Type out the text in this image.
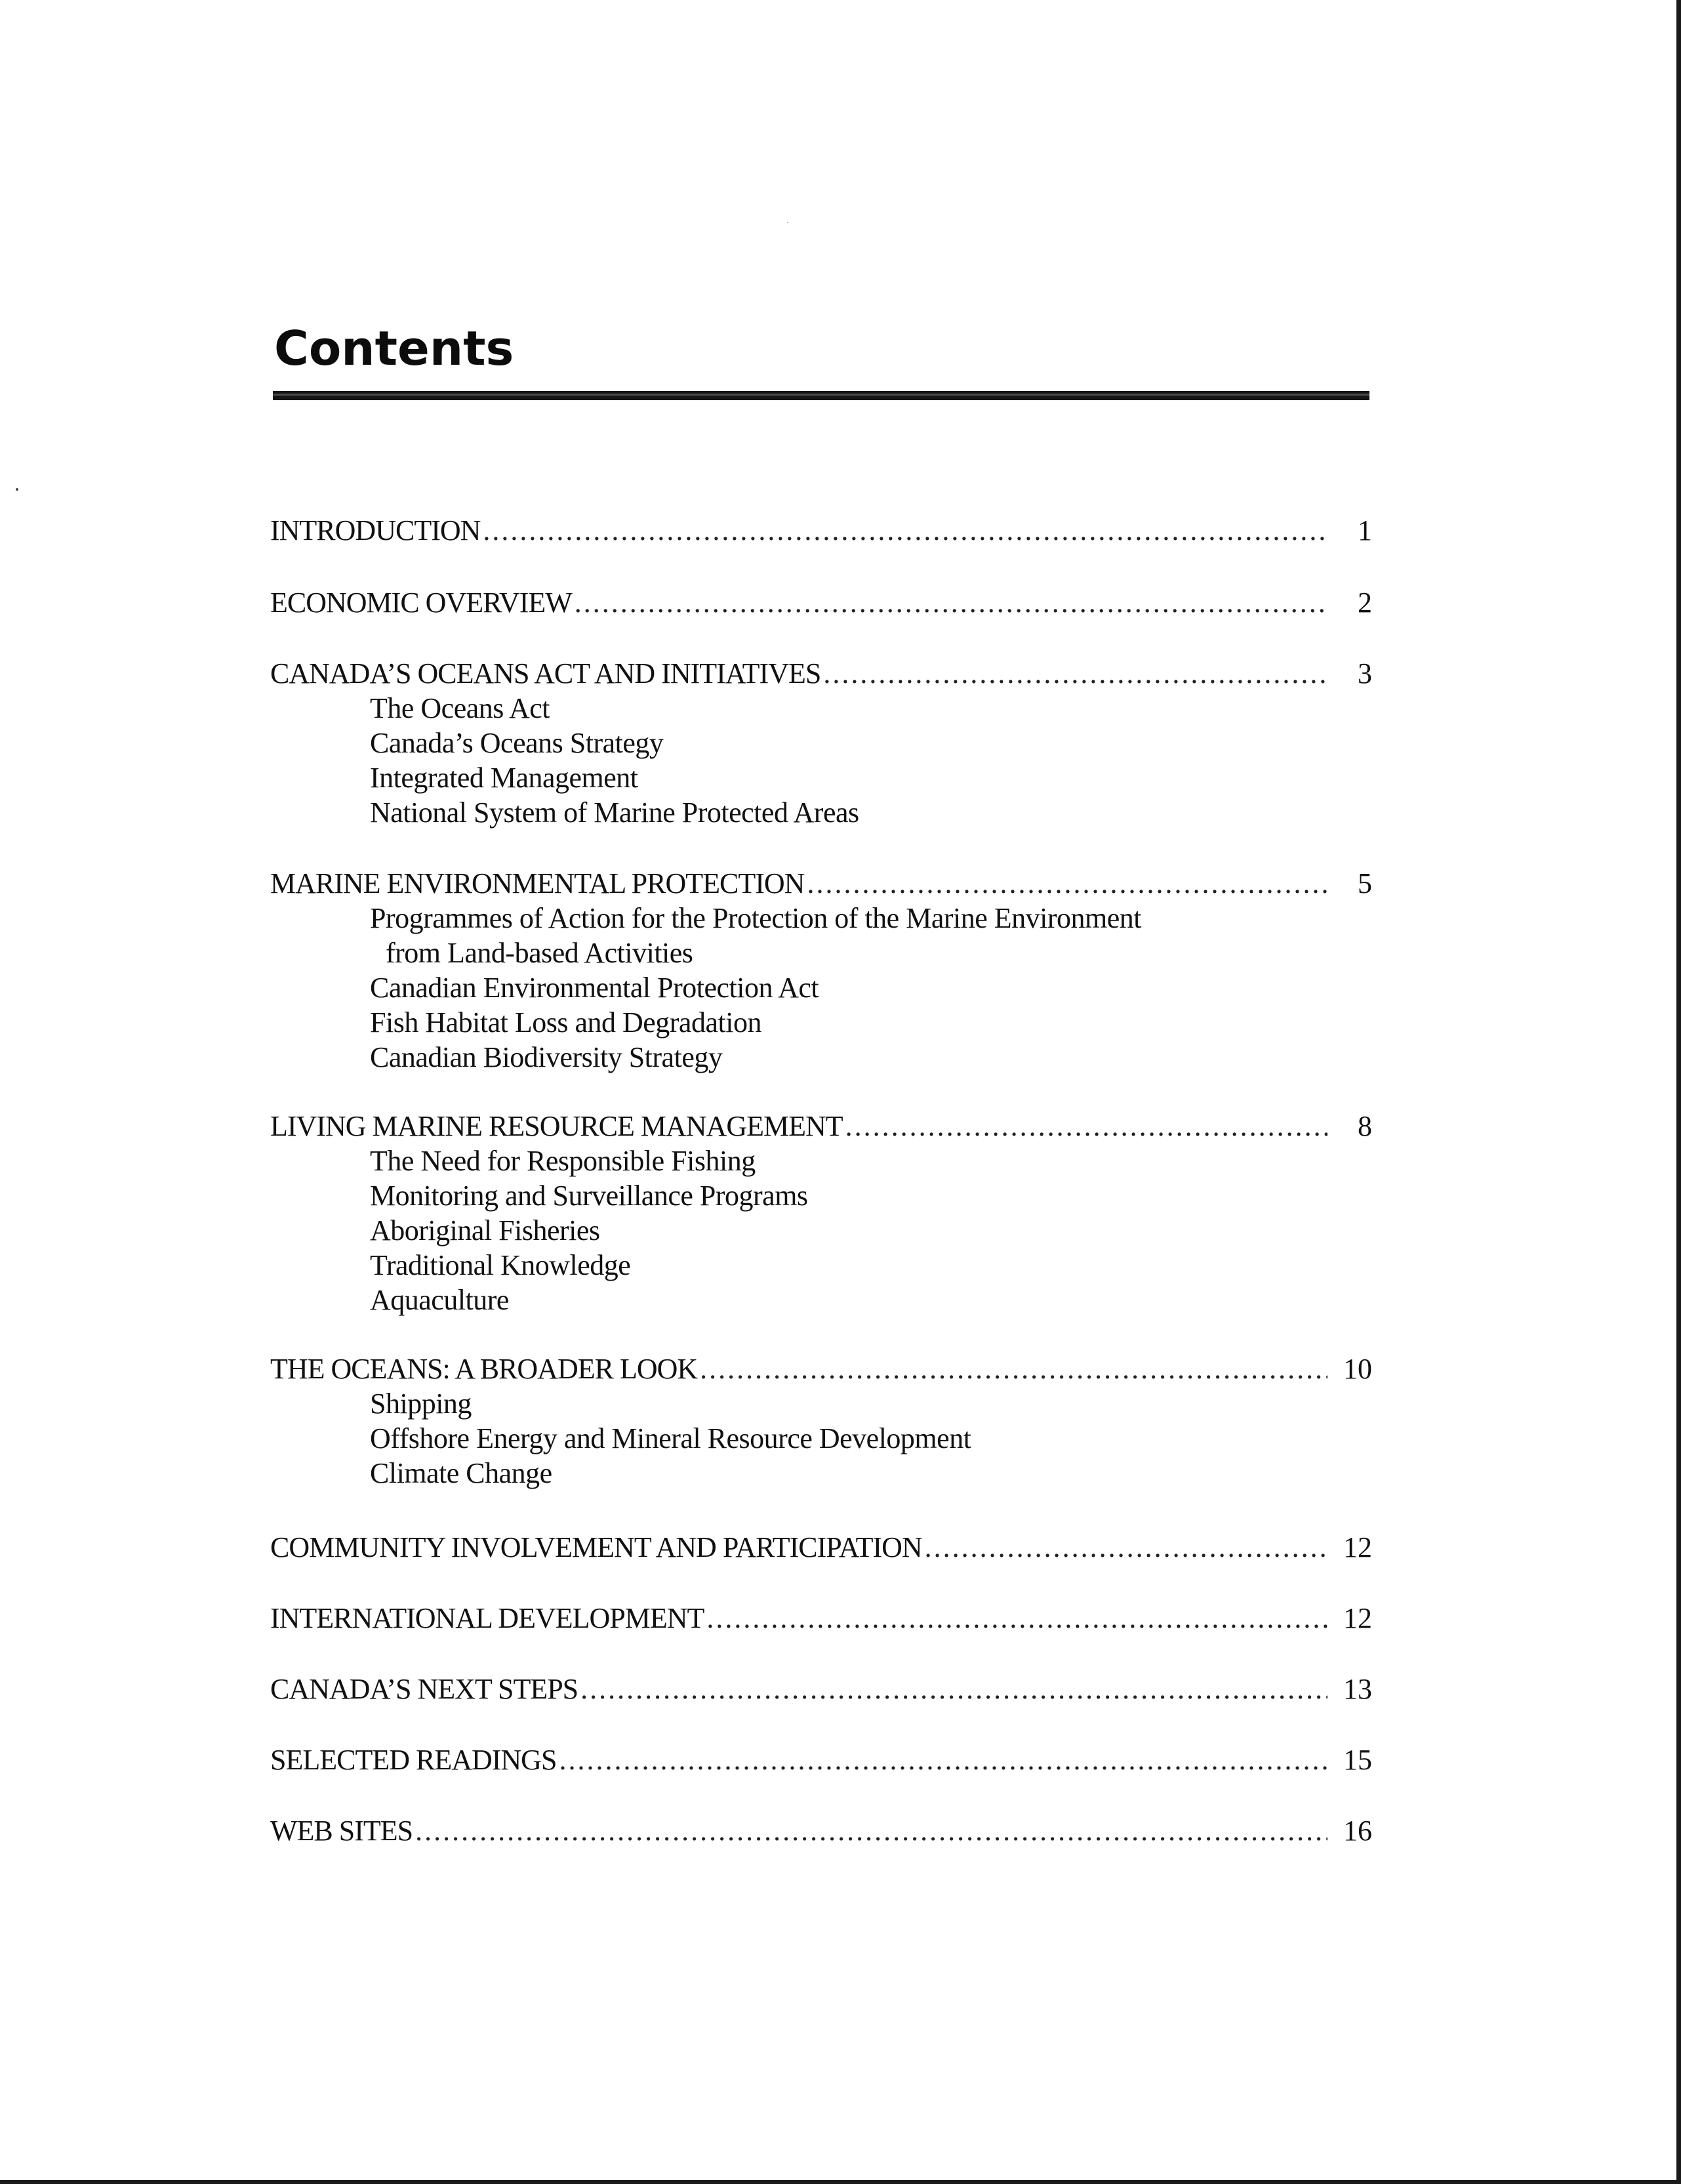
Contents
INTRODUCTION .....	1
ECONOMIC OVERVIEW .....	2
CANADA’S OCEANS ACT AND INITIATIVES .....	3
The Oceans Act
Canada’s Oceans Strategy
Integrated Management
National System of Marine Protected Areas
MARINE ENVIRONMENTAL PROTECTION .....	5
Programmes of Action for the Protection of the Marine Environment
from Land-based Activities
Canadian Environmental Protection Act
Fish Habitat Loss and Degradation
Canadian Biodiversity Strategy
LIVING MARINE RESOURCE MANAGEMENT .....	8
The Need for Responsible Fishing
Monitoring and Surveillance Programs
Aboriginal Fisheries
Traditional Knowledge
Aquaculture
THE OCEANS: A BROADER LOOK .....	10
Shipping
Offshore Energy and Mineral Resource Development
Climate Change
COMMUNITY INVOLVEMENT AND PARTICIPATION .....	12
INTERNATIONAL DEVELOPMENT .....	12
CANADA’S NEXT STEPS .....	13
SELECTED READINGS .....	15
WEB SITES .....	16
